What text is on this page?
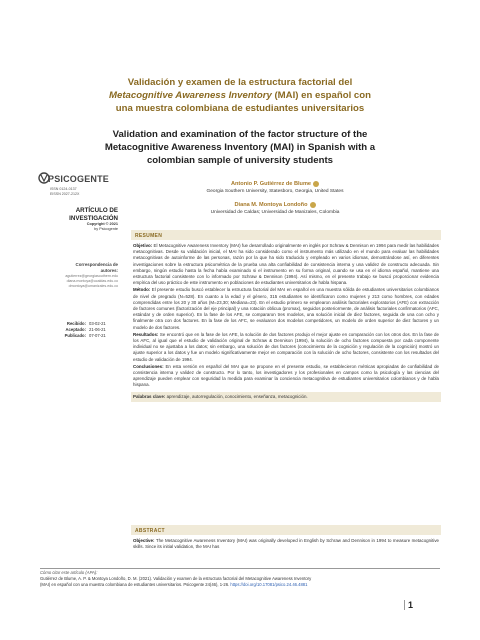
Validación y examen de la estructura factorial del
Metacognitive Awareness Inventory (MAI) en español con
una muestra colombiana de estudiantes universitarios
Validation and examination of the factor structure of the
Metacognitive Awareness Inventory (MAI) in Spanish with a
colombian sample of university students
PSICOGENTE
ISSN 0124-0137
EISSN 2027-212X
Antonio P. Gutiérrez de Blume
Georgia Southern University, Statesboro, Georgia, United States
Diana M. Montoya Londoño
Universidad de Caldas; Universidad de Manizales, Colombia
ARTÍCULO DE
INVESTIGACIÓN
Copyright © 2021
by Psicogente
Correspondencia de
autores:
agutierrez@georgiasouthern.edu
diana.montoya@ucaldas.edu.co
dmontoya@umanizales.edu.co
Recibido: 03-02-21
Aceptado: 21-06-21
Publicado: 07-07-21
RESUMEN
Objetivo: El Metacognitive Awareness Inventory (MAI) fue desarrollado originalmente en inglés por Schraw & Dennison en 1994 para medir las habilidades metacognitivas. Desde su validación inicial, el MAI ha sido considerado como el instrumento más utilizado en el mundo para evaluar las habilidades metacognitivas de autoinforme de las personas, razón por la que ha sido traducido y empleado en varios idiomas, demostrándose así, en diferentes investigaciones sobre la estructura psicométrica de la prueba una alta confiabilidad de consistencia interna y una validez de constructo adecuada. Sin embargo, ningún estudio hasta la fecha había examinado si el instrumento en su forma original, cuando se usa en el idioma español, mantiene una estructura factorial consistente con lo informado por Schraw & Dennison (1994). Así mismo, en el presente trabajo se buscó proporcionar evidencia empírica del uso práctico de este instrumento en poblaciones de estudiantes universitarios de habla hispana.
Método: El presente estudio buscó establecer la estructura factorial del MAI en español en una muestra sólida de estudiantes universitarios colombianos de nivel de pregrado (N=528). En cuanto a la edad y el género, 315 estudiantes se identificaron como mujeres y 213 como hombres, con edades comprendidas entre los 20 y 30 años (M=23,30; Mediana=23). En el estudio primero se emplearon análisis factoriales exploratorios (AFE) con extracción de factores comunes (factorización del eje principal) y una rotación oblicua (promax), seguidos posteriormente, de análisis factoriales confirmatorios (AFC, estándar y de orden superior). En la fase de los AFE, se compararon tres modelos, una solución inicial de diez factores, seguida de una con ocho y finalmente otra con dos factores. En la fase de los AFC, se evaluaron dos modelos competidores, un modelo de orden superior de diez factores y un modelo de dos factores.
Resultados: Se encontró que en la fase de los AFE, la solución de dos factores produjo el mejor ajuste en comparación con los otros dos. En la fase de los AFC, al igual que el estudio de validación original de Schraw & Dennison (1994), la solución de ocho factores compuesta por cada componente individual no se ajustaba a los datos; sin embargo, una solución de dos factores (conocimiento de la cognición y regulación de la cognición) mostró un ajuste superior a los datos y fue un modelo significativamente mejor en comparación con la solución de ocho factores, consistente con los resultados del estudio de validación de 1994.
Conclusiones: En esta versión en español del MAI que se propone en el presente estudio, se establecieron métricas apropiadas de confiabilidad de consistencia interna y validez de constructo. Por lo tanto, los investigadores y los profesionales en campos como la psicología y las ciencias del aprendizaje pueden emplear con seguridad la medida para examinar la conciencia metacognitiva de estudiantes universitarios colombianos y de habla hispana.
Palabras clave: aprendizaje, autorregulación, conocimiento, enseñanza, metacognición.
ABSTRACT
Objective: The Metacognitive Awareness Inventory (MAI) was originally developed in English by Schraw and Dennison in 1994 to measure metacognitive skills. Since its initial validation, the MAI has
Cómo citar este artículo (APA):
Gutiérrez de Blume, A. P. & Montoya Londoño, D. M. (2021). Validación y examen de la estructura factorial del Metacognitive Awareness Inventory
(MAI) en español con una muestra colombiana de estudiantes universitarios. Psicogente 24(46), 1-26. https://doi.org/10.17081/psico.24.46.4881
1
